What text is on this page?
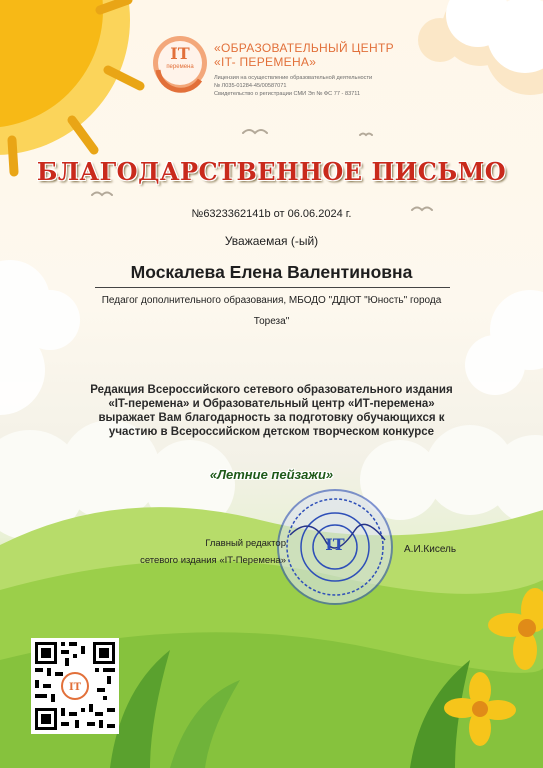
IT
перемена
«ОБРАЗОВАТЕЛЬНЫЙ ЦЕНТР
«IT- ПЕРЕМЕНА»
Лицензия на осуществление образовательной деятельности
№ Л035-01284-45/00587071
Свидетельство о регистрации СМИ Эл № ФС 77 - 83711
БЛАГОДАРСТВЕННОЕ ПИСЬМО
№6323362141b от 06.06.2024 г.
Уважаемая (-ый)
Москалева Елена Валентиновна
Педагог дополнительного образования, МБОДО "ДДЮТ "Юность" города
Тореза"
Редакция Всероссийского сетевого образовательного издания
«IT-перемена» и Образовательный центр «ИТ-перемена»
выражает Вам благодарность за подготовку обучающихся к
участию в Всероссийском детском творческом конкурсе
«Летние пейзажи»
Главный редактор
сетевого издания «IT-Перемена»
IT	А.И.Кисель
IT
